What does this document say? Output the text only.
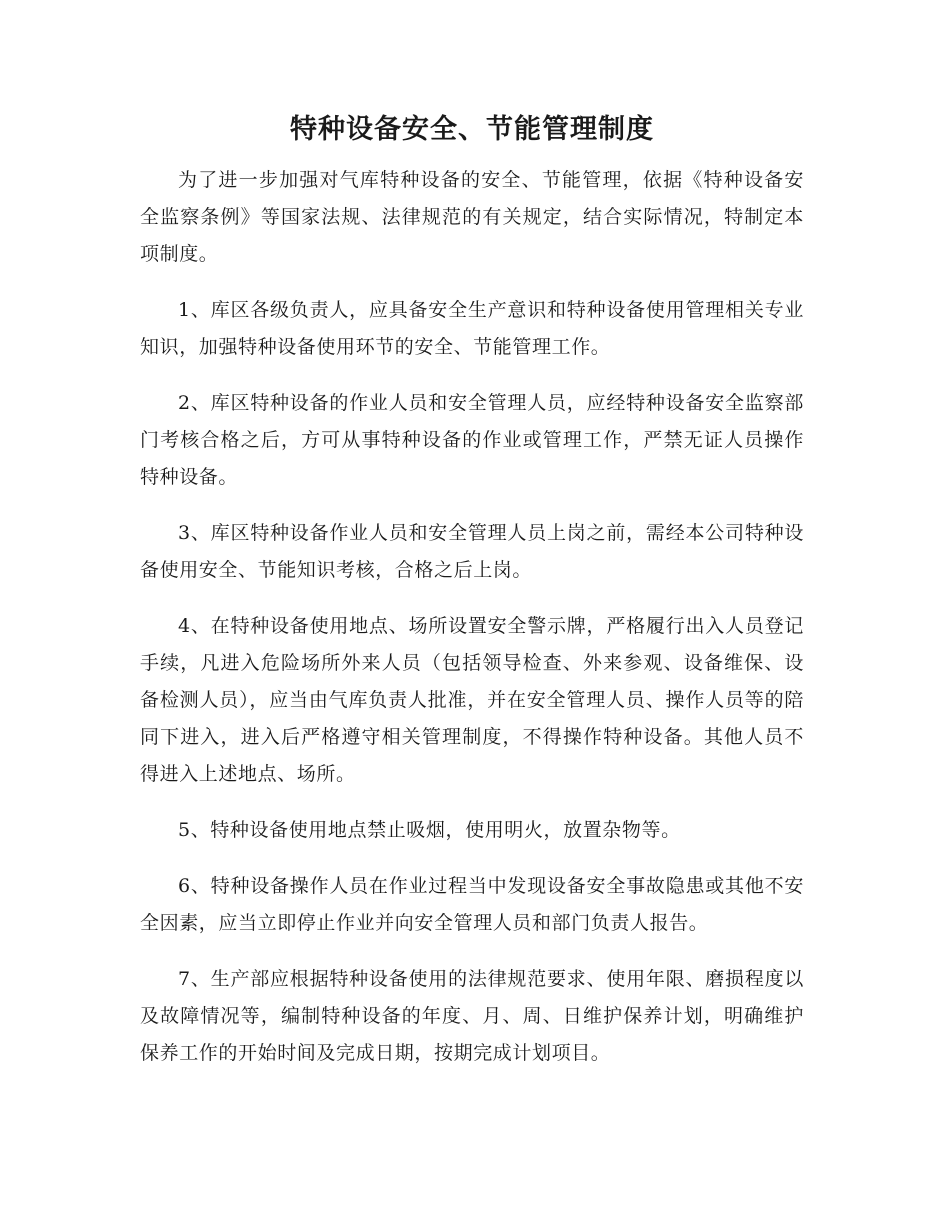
特种设备安全、节能管理制度

为了进一步加强对气库特种设备的安全、节能管理，依据《特种设备安全监察条例》等国家法规、法律规范的有关规定，结合实际情况，特制定本项制度。

1、库区各级负责人，应具备安全生产意识和特种设备使用管理相关专业知识，加强特种设备使用环节的安全、节能管理工作。

2、库区特种设备的作业人员和安全管理人员，应经特种设备安全监察部门考核合格之后，方可从事特种设备的作业或管理工作，严禁无证人员操作特种设备。

3、库区特种设备作业人员和安全管理人员上岗之前，需经本公司特种设备使用安全、节能知识考核，合格之后上岗。

4、在特种设备使用地点、场所设置安全警示牌，严格履行出入人员登记手续，凡进入危险场所外来人员（包括领导检查、外来参观、设备维保、设备检测人员），应当由气库负责人批准，并在安全管理人员、操作人员等的陪同下进入，进入后严格遵守相关管理制度，不得操作特种设备。其他人员不得进入上述地点、场所。

5、特种设备使用地点禁止吸烟，使用明火，放置杂物等。

6、特种设备操作人员在作业过程当中发现设备安全事故隐患或其他不安全因素，应当立即停止作业并向安全管理人员和部门负责人报告。

7、生产部应根据特种设备使用的法律规范要求、使用年限、磨损程度以及故障情况等，编制特种设备的年度、月、周、日维护保养计划，明确维护保养工作的开始时间及完成日期，按期完成计划项目。
